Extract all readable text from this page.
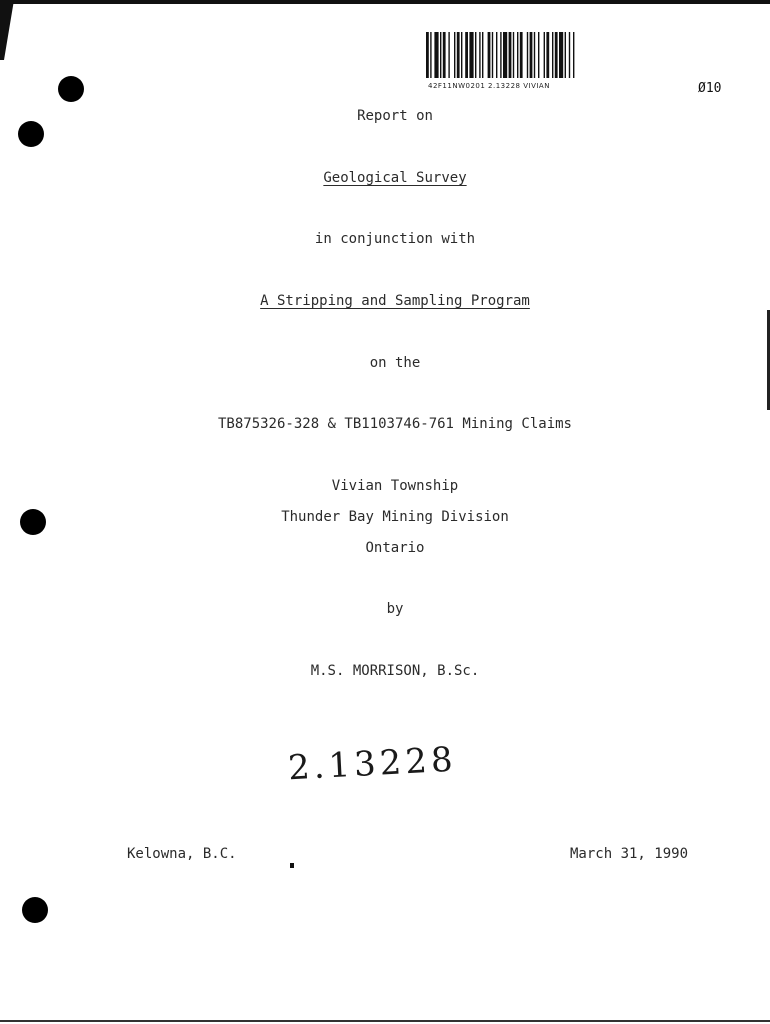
42F11NW0201 2.13228 VIVIAN	Ø10
Report on
Geological Survey
in conjunction with
A Stripping and Sampling Program
on the
TB875326-328 & TB1103746-761 Mining Claims
Vivian Township
Thunder Bay Mining Division
Ontario
by
M.S. MORRISON, B.Sc.
2.13228
Kelowna, B.C.	March 31, 1990
